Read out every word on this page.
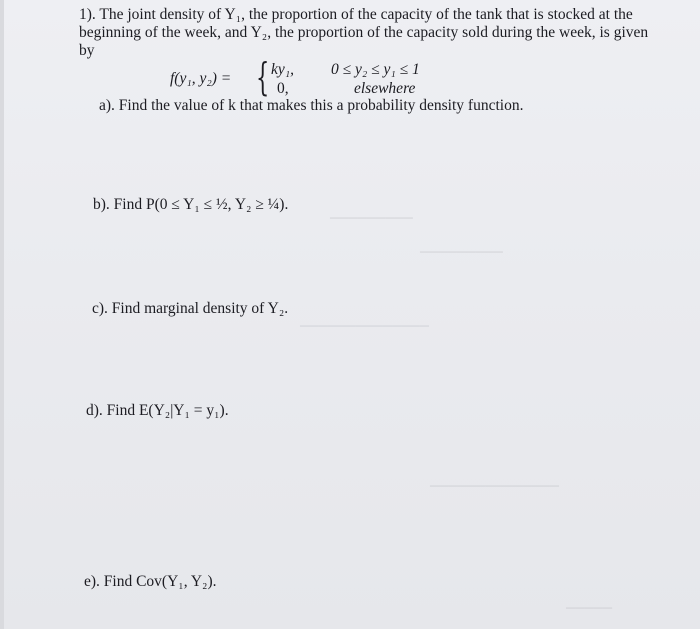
─────────
─────────
──────────────
──────────────
─────
1). The joint density of Y₁, the proportion of the capacity of the tank that is stocked at the beginning of the week, and Y₂, the proportion of the capacity sold during the week, is given by
f(y₁, y₂) = { ky₁,
0,
0 ≤ y₂ ≤ y₁ ≤ 1
elsewhere
a). Find the value of k that makes this a probability density function.
b). Find P(0 ≤ Y₁ ≤ ½, Y₂ ≥ ¼).
c). Find marginal density of Y₂.
d). Find E(Y₂|Y₁ = y₁).
e). Find Cov(Y₁, Y₂).
